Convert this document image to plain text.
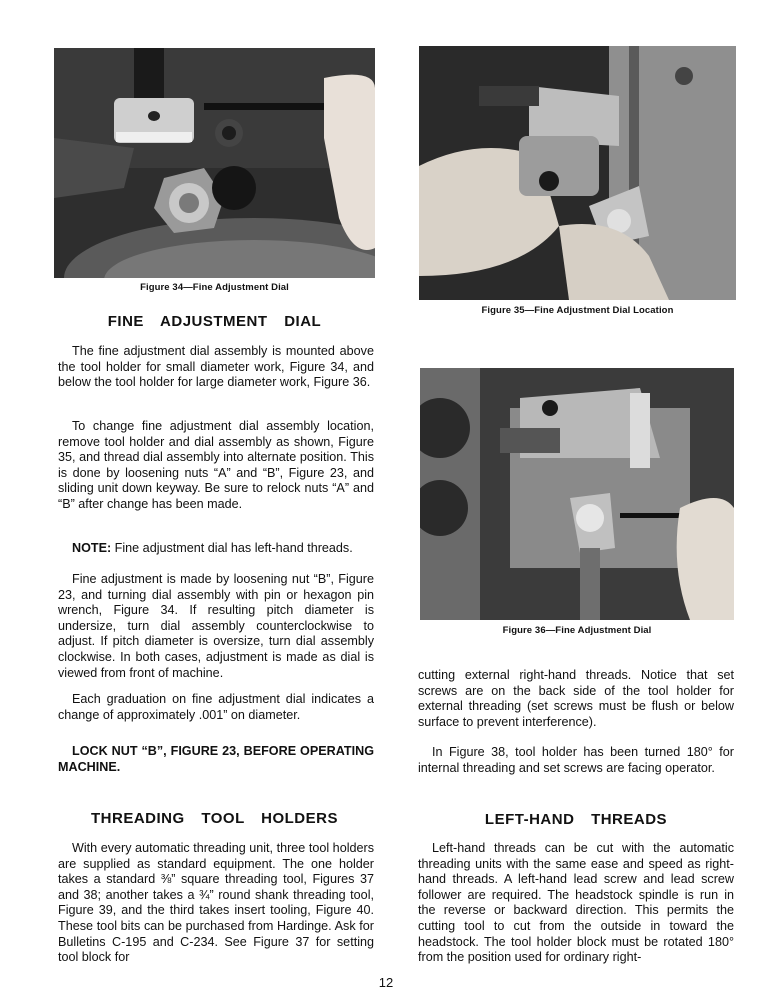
Figure 34—Fine Adjustment Dial
Figure 35—Fine Adjustment Dial Location
Figure 36—Fine Adjustment Dial
FINE ADJUSTMENT DIAL
The fine adjustment dial assembly is mounted above the tool holder for small diameter work, Figure 34, and below the tool holder for large diameter work, Figure 36.
To change fine adjustment dial assembly location, remove tool holder and dial assembly as shown, Figure 35, and thread dial assembly into alternate position. This is done by loosening nuts “A” and “B”, Figure 23, and sliding unit down keyway. Be sure to relock nuts “A” and “B” after change has been made.
NOTE: Fine adjustment dial has left-hand threads.
Fine adjustment is made by loosening nut “B”, Figure 23, and turning dial assembly with pin or hexagon pin wrench, Figure 34. If resulting pitch diameter is undersize, turn dial assembly counterclockwise to adjust. If pitch diameter is oversize, turn dial assembly clockwise. In both cases, adjustment is made as dial is viewed from front of machine.
Each graduation on fine adjustment dial indicates a change of approximately .001” on diameter.
LOCK NUT “B”, FIGURE 23, BEFORE OPERATING MACHINE.
THREADING TOOL HOLDERS
With every automatic threading unit, three tool holders are supplied as standard equipment. The one holder takes a standard ⅜” square threading tool, Figures 37 and 38; another takes a ¾” round shank threading tool, Figure 39, and the third takes insert tooling, Figure 40. These tool bits can be purchased from Hardinge. Ask for Bulletins C-195 and C-234. See Figure 37 for setting tool block for
cutting external right-hand threads. Notice that set screws are on the back side of the tool holder for external threading (set screws must be flush or below surface to prevent interference).
In Figure 38, tool holder has been turned 180° for internal threading and set screws are facing operator.
LEFT-HAND THREADS
Left-hand threads can be cut with the automatic threading units with the same ease and speed as right-hand threads. A left-hand lead screw and lead screw follower are required. The headstock spindle is run in the reverse or backward direction. This permits the cutting tool to cut from the outside in toward the headstock. The tool holder block must be rotated 180° from the position used for ordinary right-
12
